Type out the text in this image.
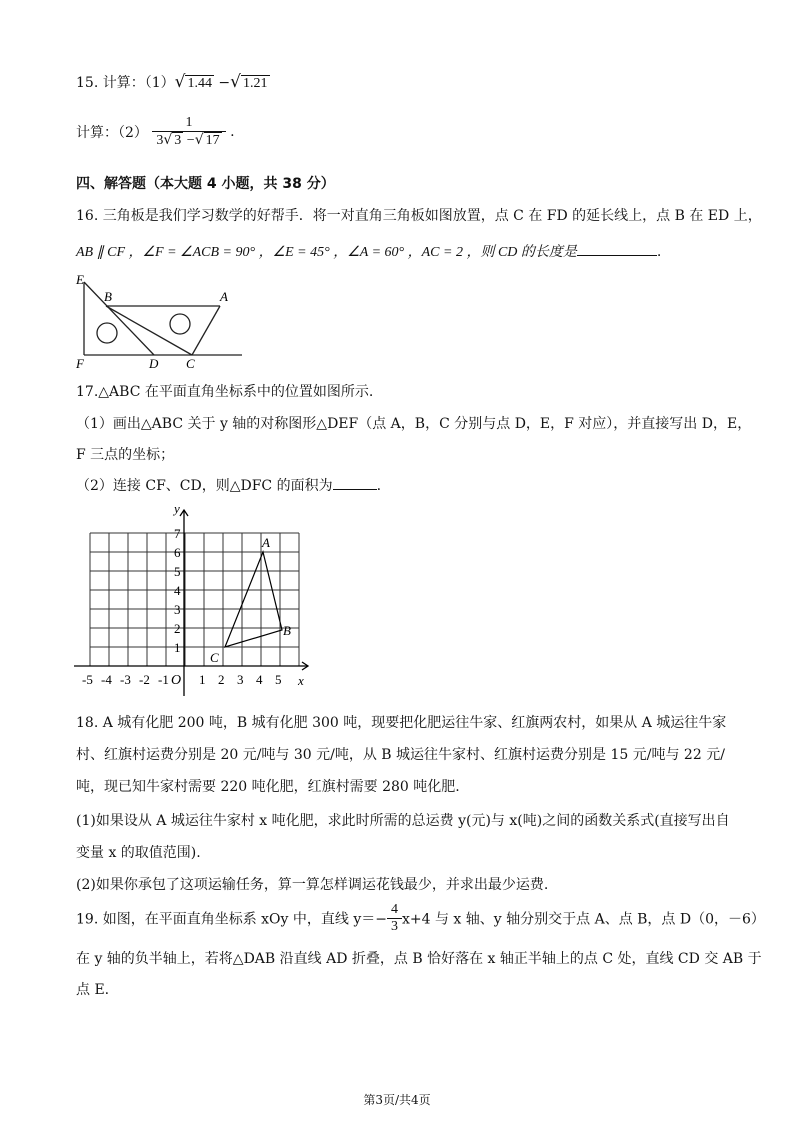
15. 计算：（1）√ 1.44 −√ 1.21
计算：$(2) \frac{1}{3√ 3 -√ 17}$ .
四、解答题（本大题 4 小题，共 38 分）
16. 三角板是我们学习数学的好帮手．将一对直角三角板如图放置，点 C 在 FD 的延长线上，点 B 在 ED 上，
AB ∥ CF ，∠F = ∠ACB = 90° ，∠E = 45° ，∠A = 60° ，AC = 2 ，则 CD 的长度是	.
E
B	A
F	D C
17.△ABC 在平面直角坐标系中的位置如图所示.
（1）画出△ABC 关于 y 轴的对称图形△DEF（点 A，B，C 分别与点 D，E，F 对应），并直接写出 D，E，
F 三点的坐标；
（2）连接 CF、CD，则△DFC 的面积为	.
y
x
O
1
2
3
4
5
6
7
-5 -4 -3 -2 -1 1 2 3 4 5
A
B
C
18. A 城有化肥 200 吨，B 城有化肥 300 吨，现要把化肥运往牛家、红旗两农村，如果从 A 城运往牛家
村、红旗村运费分别是 20 元/吨与 30 元/吨，从 B 城运往牛家村、红旗村运费分别是 15 元/吨与 22 元/
吨，现已知牛家村需要 220 吨化肥，红旗村需要 280 吨化肥.
(1)如果设从 A 城运往牛家村 x 吨化肥，求此时所需的总运费 y(元)与 x(吨)之间的函数关系式(直接写出自
变量 x 的取值范围).
(2)如果你承包了这项运输任务，算一算怎样调运花钱最少，并求出最少运费.
19. 如图，在平面直角坐标系 xOy 中，直线 $y=- \frac{4}{3} x+4$ 与 x 轴、y 轴分别交于点 A、点 B，点 D（0，－6）
在 y 轴的负半轴上，若将△DAB 沿直线 AD 折叠，点 B 恰好落在 x 轴正半轴上的点 C 处，直线 CD 交 AB 于
点 E.
第3页/共4页
